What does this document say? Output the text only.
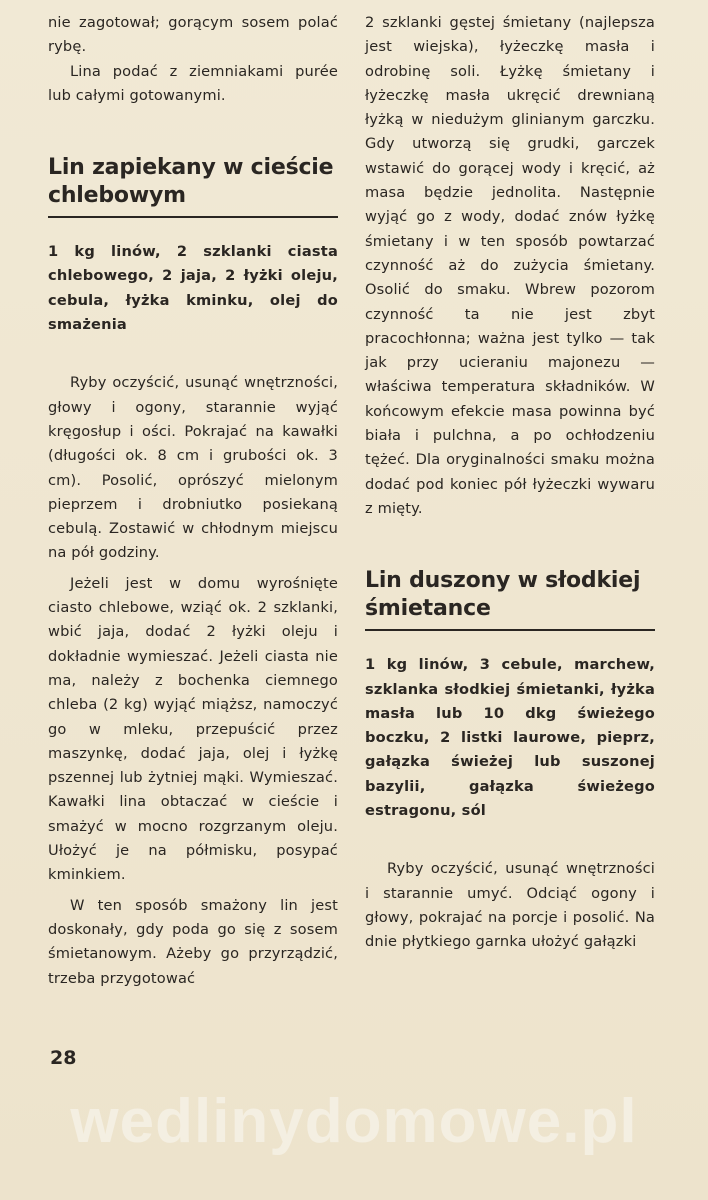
nie zagotował; gorącym sosem polać rybę.

Lina podać z ziemniakami purée lub całymi gotowanymi.

Lin zapiekany w cieście chlebowym

1 kg linów, 2 szklanki ciasta chlebowego, 2 jaja, 2 łyżki oleju, cebula, łyżka kminku, olej do smażenia

Ryby oczyścić, usunąć wnętrzności, głowy i ogony, starannie wyjąć kręgosłup i ości. Pokrajać na kawałki (długości ok. 8 cm i grubości ok. 3 cm). Posolić, oprószyć mielonym pieprzem i drobniutko posiekaną cebulą. Zostawić w chłodnym miejscu na pół godziny.

Jeżeli jest w domu wyrośnięte ciasto chlebowe, wziąć ok. 2 szklanki, wbić jaja, dodać 2 łyżki oleju i dokładnie wymieszać. Jeżeli ciasta nie ma, należy z bochenka ciemnego chleba (2 kg) wyjąć miąższ, namoczyć go w mleku, przepuścić przez maszynkę, dodać jaja, olej i łyżkę pszennej lub żytniej mąki. Wymieszać. Kawałki lina obtaczać w cieście i smażyć w mocno rozgrzanym oleju. Ułożyć je na półmisku, posypać kminkiem.

W ten sposób smażony lin jest doskonały, gdy poda go się z sosem śmietanowym. Ażeby go przyrządzić, trzeba przygotować

2 szklanki gęstej śmietany (najlepsza jest wiejska), łyżeczkę masła i odrobinę soli. Łyżkę śmietany i łyżeczkę masła ukręcić drewnianą łyżką w niedużym glinianym garczku. Gdy utworzą się grudki, garczek wstawić do gorącej wody i kręcić, aż masa będzie jednolita. Następnie wyjąć go z wody, dodać znów łyżkę śmietany i w ten sposób powtarzać czynność aż do zużycia śmietany. Osolić do smaku. Wbrew pozorom czynność ta nie jest zbyt pracochłonna; ważna jest tylko — tak jak przy ucieraniu majonezu — właściwa temperatura składników. W końcowym efekcie masa powinna być biała i pulchna, a po ochłodzeniu tężeć. Dla oryginalności smaku można dodać pod koniec pół łyżeczki wywaru z mięty.

Lin duszony w słodkiej śmietance

1 kg linów, 3 cebule, marchew, szklanka słodkiej śmietanki, łyżka masła lub 10 dkg świeżego boczku, 2 listki laurowe, pieprz, gałązka świeżej lub suszonej bazylii, gałązka świeżego estragonu, sól

Ryby oczyścić, usunąć wnętrzności i starannie umyć. Odciąć ogony i głowy, pokrajać na porcje i posolić. Na dnie płytkiego garnka ułożyć gałązki

28
wedlinydomowe.pl
